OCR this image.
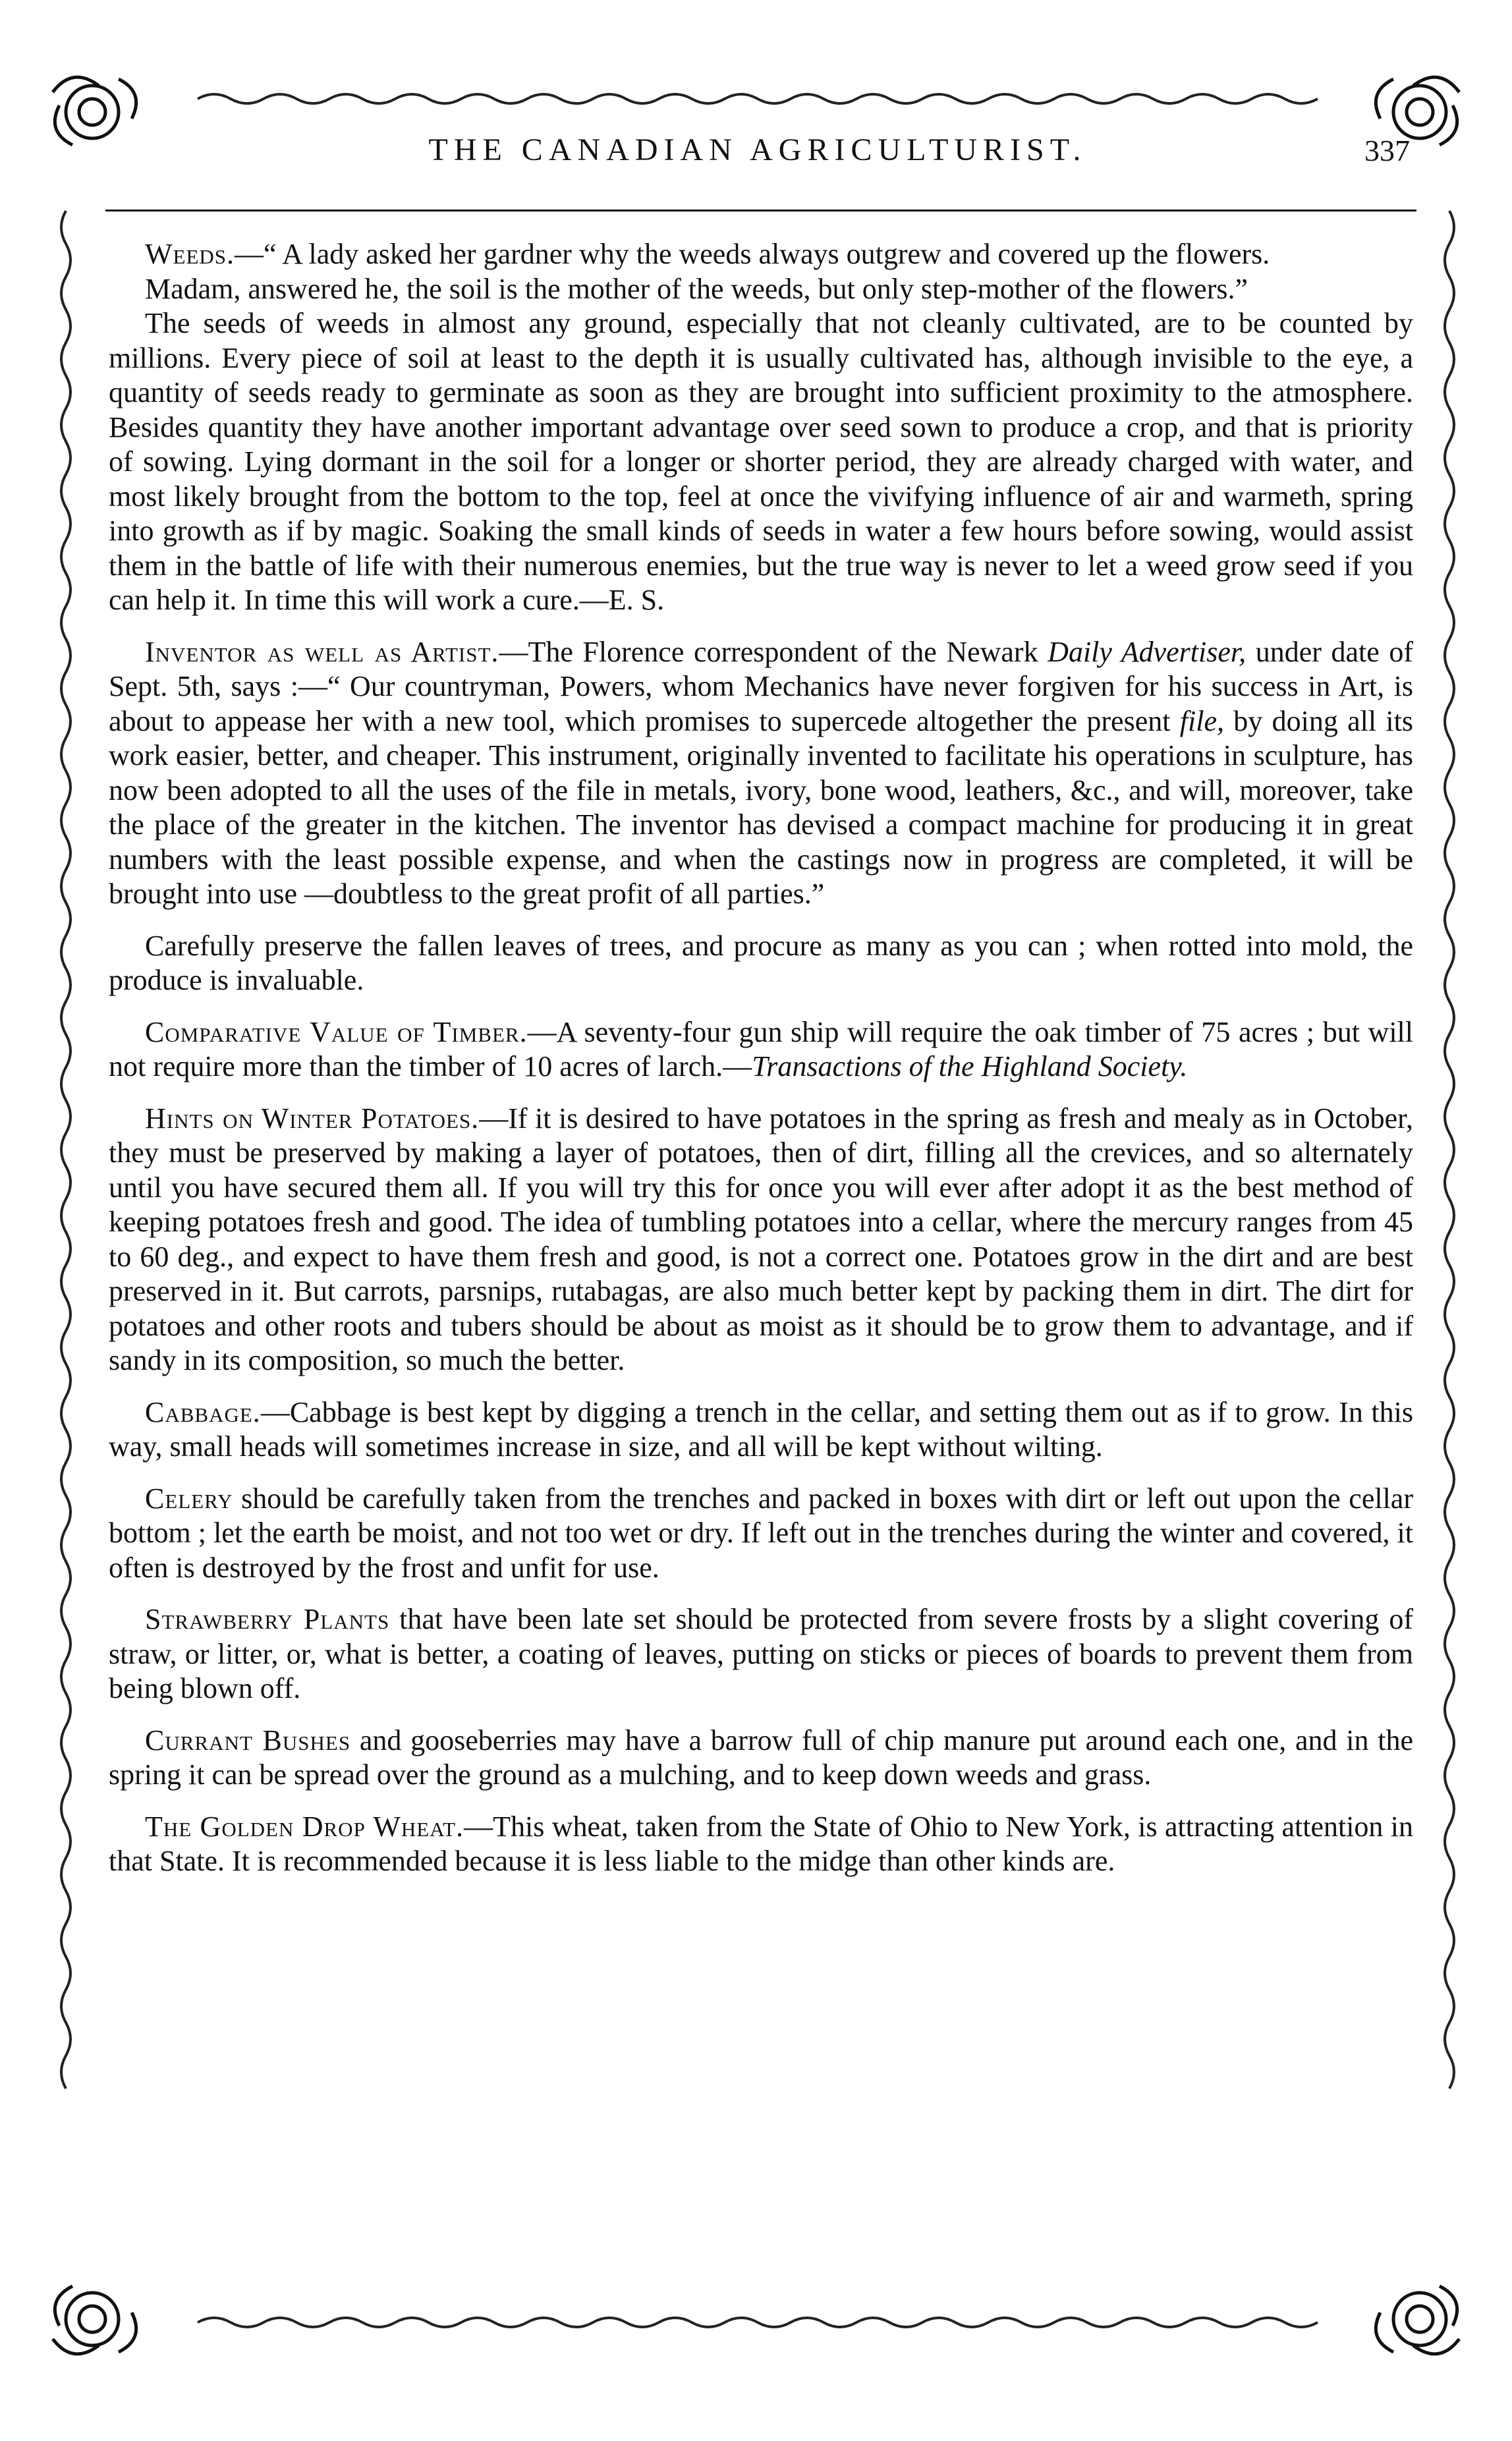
THE CANADIAN AGRICULTURIST.	337

Weeds.—“ A lady asked her gardner why the weeds always outgrew and covered up the flowers.

Madam, answered he, the soil is the mother of the weeds, but only step-mother of the flowers.”

The seeds of weeds in almost any ground, especially that not cleanly cultivated, are to be counted by millions. Every piece of soil at least to the depth it is usually cultivated has, although invisible to the eye, a quantity of seeds ready to germinate as soon as they are brought into sufficient proximity to the atmosphere. Besides quantity they have another important advantage over seed sown to produce a crop, and that is priority of sowing. Lying dormant in the soil for a longer or shorter period, they are already charged with water, and most likely brought from the bottom to the top, feel at once the vivifying influence of air and warmeth, spring into growth as if by magic. Soaking the small kinds of seeds in water a few hours before sowing, would assist them in the battle of life with their numerous enemies, but the true way is never to let a weed grow seed if you can help it. In time this will work a cure.—E. S.

Inventor as well as Artist.—The Florence correspondent of the Newark Daily Advertiser, under date of Sept. 5th, says :—“ Our countryman, Powers, whom Mechanics have never forgiven for his success in Art, is about to appease her with a new tool, which promises to supercede altogether the present file, by doing all its work easier, better, and cheaper. This instrument, originally invented to facilitate his operations in sculpture, has now been adopted to all the uses of the file in metals, ivory, bone wood, leathers, &c., and will, moreover, take the place of the greater in the kitchen. The inventor has devised a compact machine for producing it in great numbers with the least possible expense, and when the castings now in progress are completed, it will be brought into use —doubtless to the great profit of all parties.”

Carefully preserve the fallen leaves of trees, and procure as many as you can ; when rotted into mold, the produce is invaluable.

Comparative Value of Timber.—A seventy-four gun ship will require the oak timber of 75 acres ; but will not require more than the timber of 10 acres of larch.—Transactions of the Highland Society.

Hints on Winter Potatoes.—If it is desired to have potatoes in the spring as fresh and mealy as in October, they must be preserved by making a layer of potatoes, then of dirt, filling all the crevices, and so alternately until you have secured them all. If you will try this for once you will ever after adopt it as the best method of keeping potatoes fresh and good. The idea of tumbling potatoes into a cellar, where the mercury ranges from 45 to 60 deg., and expect to have them fresh and good, is not a correct one. Potatoes grow in the dirt and are best preserved in it. But carrots, parsnips, rutabagas, are also much better kept by packing them in dirt. The dirt for potatoes and other roots and tubers should be about as moist as it should be to grow them to advantage, and if sandy in its composition, so much the better.

Cabbage.—Cabbage is best kept by digging a trench in the cellar, and setting them out as if to grow. In this way, small heads will sometimes increase in size, and all will be kept without wilting.

Celery should be carefully taken from the trenches and packed in boxes with dirt or left out upon the cellar bottom ; let the earth be moist, and not too wet or dry. If left out in the trenches during the winter and covered, it often is destroyed by the frost and unfit for use.

Strawberry Plants that have been late set should be protected from severe frosts by a slight covering of straw, or litter, or, what is better, a coating of leaves, putting on sticks or pieces of boards to prevent them from being blown off.

Currant Bushes and gooseberries may have a barrow full of chip manure put around each one, and in the spring it can be spread over the ground as a mulching, and to keep down weeds and grass.

The Golden Drop Wheat.—This wheat, taken from the State of Ohio to New York, is attracting attention in that State. It is recommended because it is less liable to the midge than other kinds are.
